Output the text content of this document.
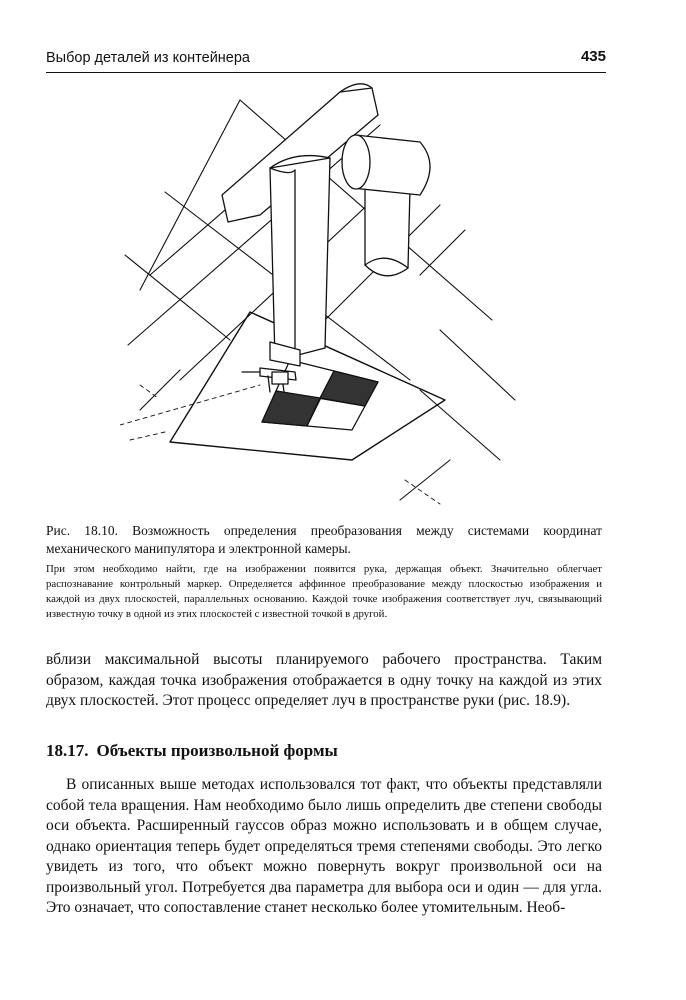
Выбор деталей из контейнера	435
Рис. 18.10. Возможность определения преобразования между системами координат механического манипулятора и электронной камеры.
При этом необходимо найти, где на изображении появится рука, держащая объект. Значительно облегчает распознавание контрольный маркер. Определяется аффинное преобразование между плоскостью изображения и каждой из двух плоскостей, параллельных основанию. Каждой точке изображения соответствует луч, связывающий известную точку в одной из этих плоскостей с известной точкой в другой.
вблизи максимальной высоты планируемого рабочего пространства. Таким образом, каждая точка изображения отображается в одну точку на каждой из этих двух плоскостей. Этот процесс определяет луч в пространстве руки (рис. 18.9).
18.17. Объекты произвольной формы
В описанных выше методах использовался тот факт, что объекты представляли собой тела вращения. Нам необходимо было лишь определить две степени свободы оси объекта. Расширенный гауссов образ можно использовать и в общем случае, однако ориентация теперь будет определяться тремя степенями свободы. Это легко увидеть из того, что объект можно повернуть вокруг произвольной оси на произвольный угол. Потребуется два параметра для выбора оси и один — для угла. Это означает, что сопоставление станет несколько более утомительным. Необ-
